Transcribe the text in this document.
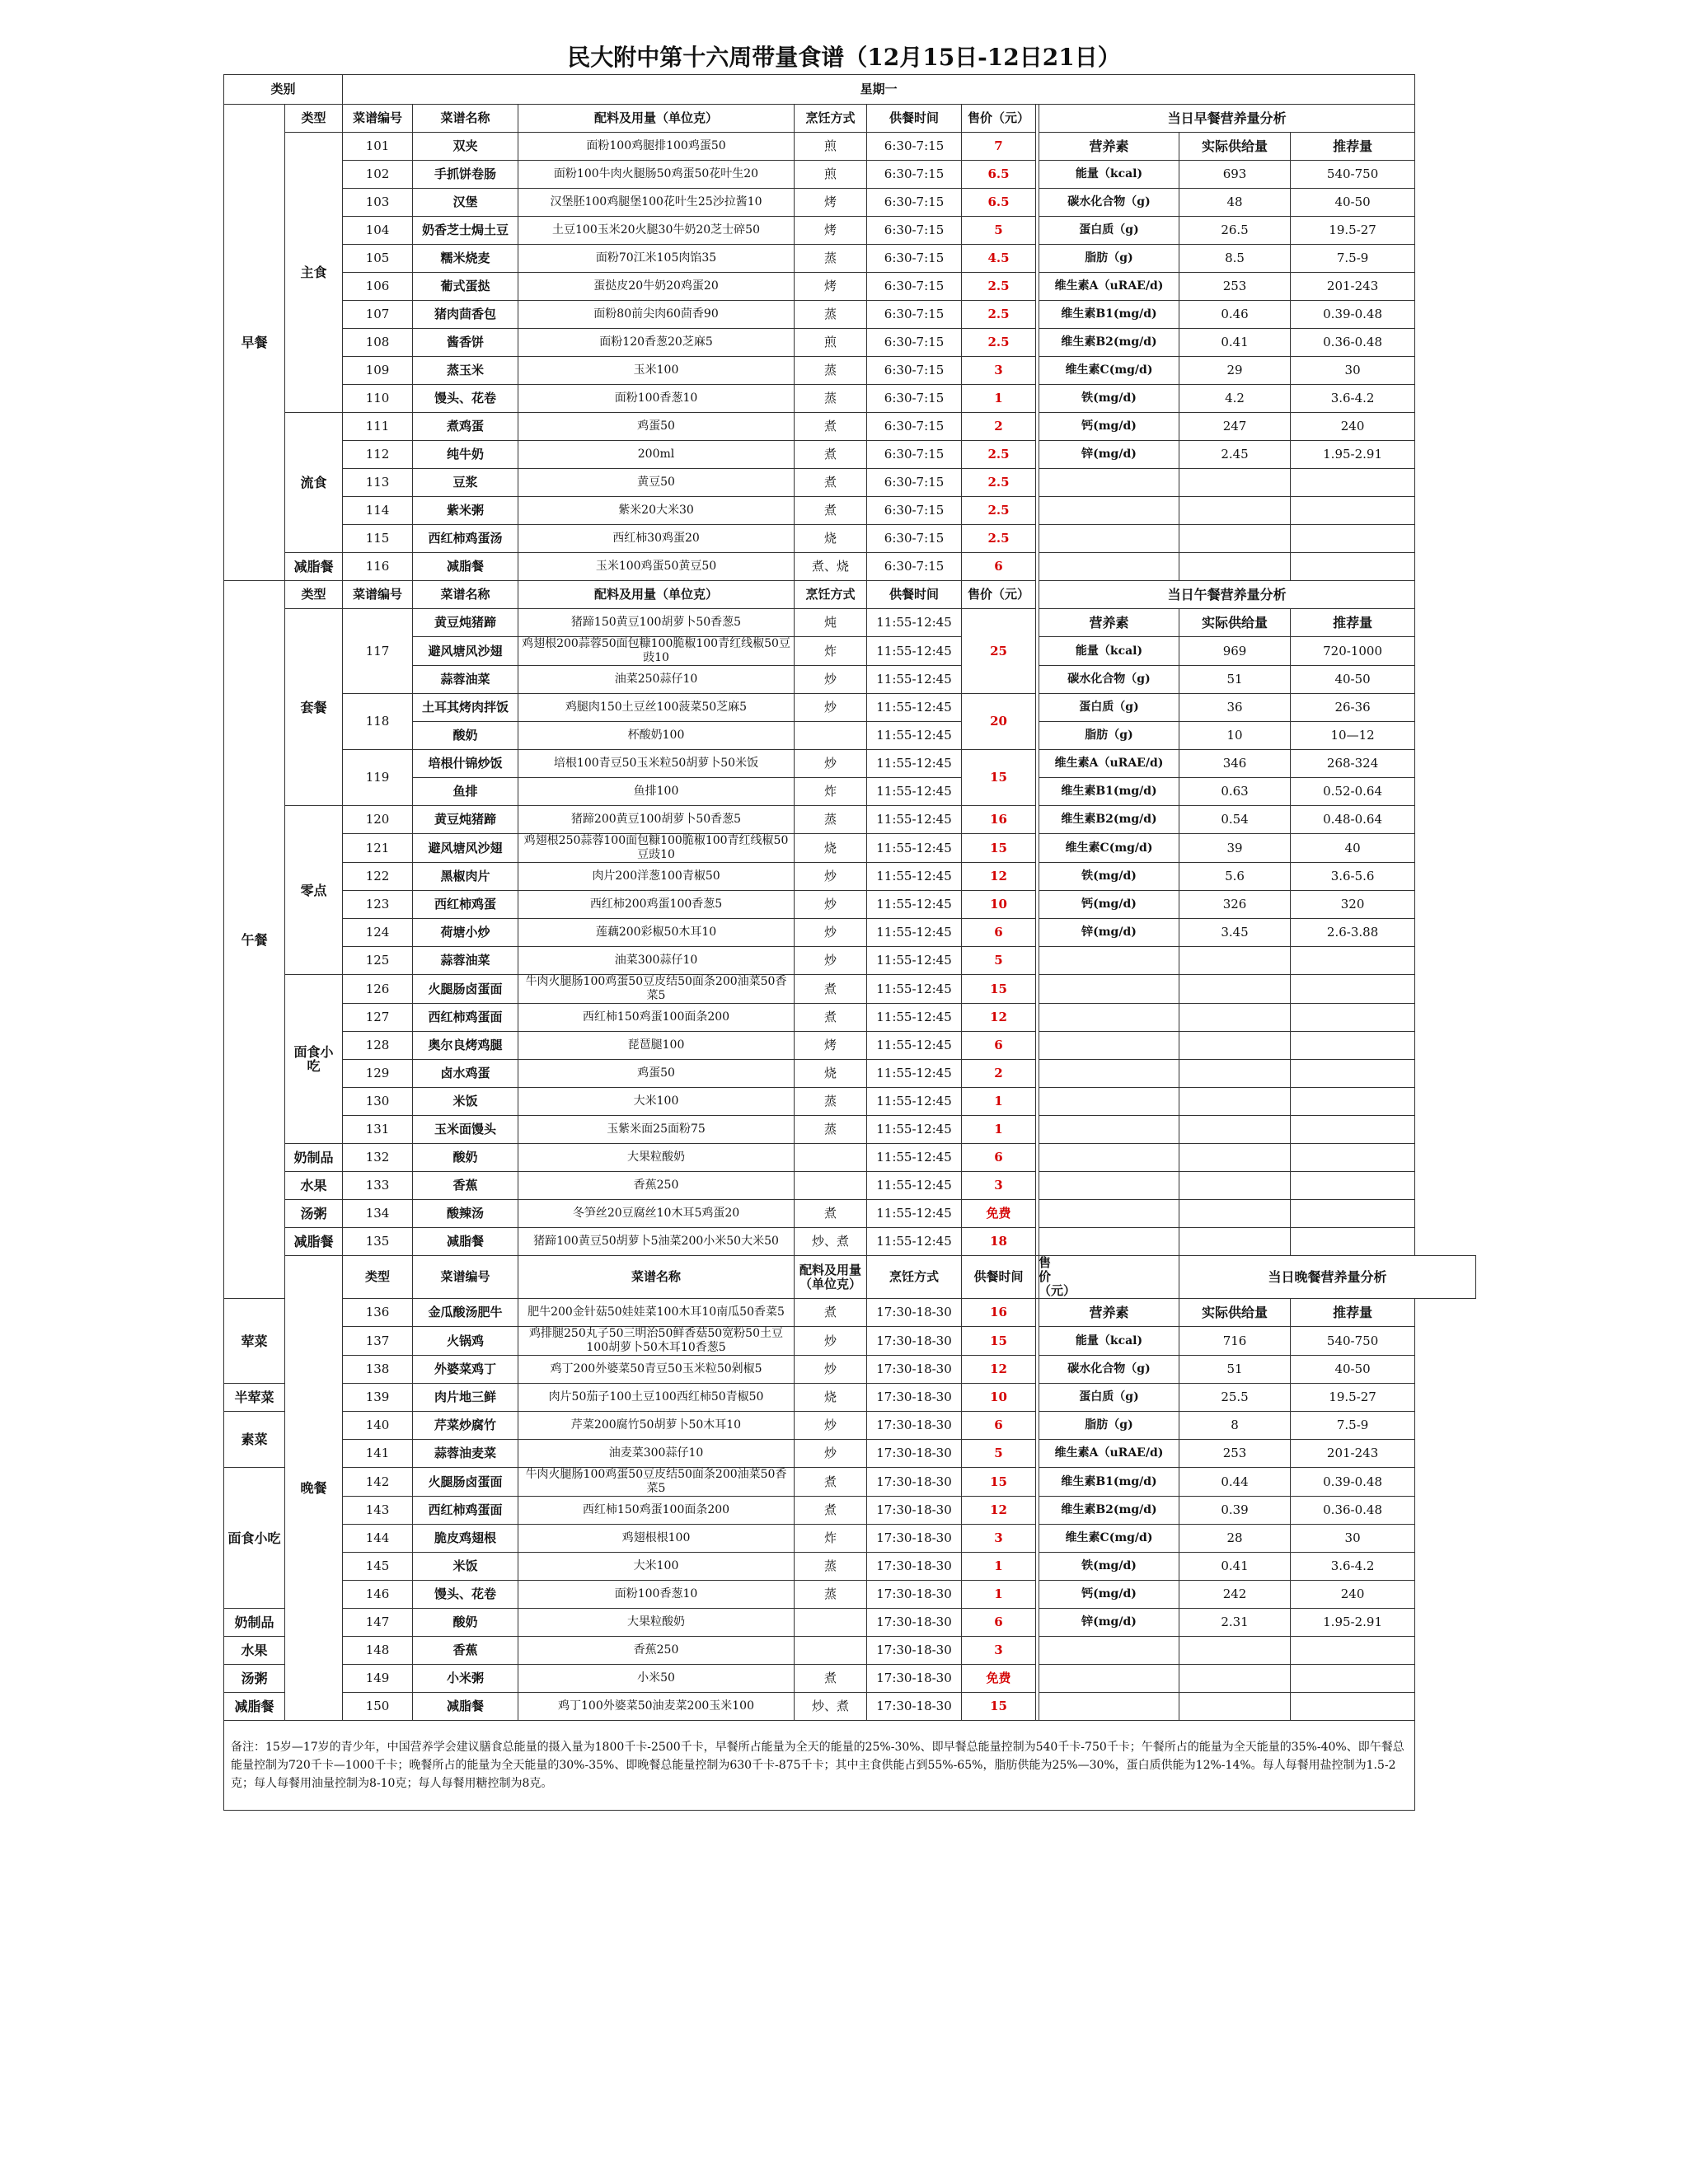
民大附中第十六周带量食谱（12月15日-12日21日）
类别		星期一									
早餐	类型	菜谱编号	菜谱名称	配料及用量（单位克）	烹饪方式	供餐时间	售价（元）		当日早餐营养量分析		
	主食	101	双夹	面粉100鸡腿排100鸡蛋50	煎	6:30-7:15	7		营养素	实际供给量	推荐量
		102	手抓饼卷肠	面粉100牛肉火腿肠50鸡蛋50花叶生20	煎	6:30-7:15	6.5		能量（kcal)	693	540-750
		103	汉堡	汉堡胚100鸡腿堡100花叶生25沙拉酱10	烤	6:30-7:15	6.5		碳水化合物（g)	48	40-50
		104	奶香芝士焗土豆	土豆100玉米20火腿30牛奶20芝士碎50	烤	6:30-7:15	5		蛋白质（g)	26.5	19.5-27
		105	糯米烧麦	面粉70江米105肉馅35	蒸	6:30-7:15	4.5		脂肪（g)	8.5	7.5-9
		106	葡式蛋挞	蛋挞皮20牛奶20鸡蛋20	烤	6:30-7:15	2.5		维生素A（uRAE/d)	253	201-243
		107	猪肉茴香包	面粉80前尖肉60茴香90	蒸	6:30-7:15	2.5		维生素B1(mg/d)	0.46	0.39-0.48
		108	酱香饼	面粉120香葱20芝麻5	煎	6:30-7:15	2.5		维生素B2(mg/d)	0.41	0.36-0.48
		109	蒸玉米	玉米100	蒸	6:30-7:15	3		维生素C(mg/d)	29	30
		110	馒头、花卷	面粉100香葱10	蒸	6:30-7:15	1		铁(mg/d)	4.2	3.6-4.2
	流食	111	煮鸡蛋	鸡蛋50	煮	6:30-7:15	2		钙(mg/d)	247	240
		112	纯牛奶	200ml	煮	6:30-7:15	2.5		锌(mg/d)	2.45	1.95-2.91
		113	豆浆	黄豆50	煮	6:30-7:15	2.5				
		114	紫米粥	紫米20大米30	煮	6:30-7:15	2.5				
		115	西红柿鸡蛋汤	西红柿30鸡蛋20	烧	6:30-7:15	2.5				
	减脂餐	116	减脂餐	玉米100鸡蛋50黄豆50	煮、烧	6:30-7:15	6				
午餐	类型	菜谱编号	菜谱名称	配料及用量（单位克）	烹饪方式	供餐时间	售价（元）		当日午餐营养量分析		
	套餐	117	黄豆炖猪蹄	猪蹄150黄豆100胡萝卜50香葱5	炖	11:55-12:45	25		营养素	实际供给量	推荐量
			避风塘风沙翅	鸡翅根200蒜蓉50面包糠100脆椒100青红线椒50豆豉10	炸	11:55-12:45			能量（kcal)	969	720-1000
			蒜蓉油菜	油菜250蒜仔10	炒	11:55-12:45			碳水化合物（g)	51	40-50
		118	土耳其烤肉拌饭	鸡腿肉150土豆丝100菠菜50芝麻5	炒	11:55-12:45	20		蛋白质（g)	36	26-36
			酸奶	杯酸奶100		11:55-12:45			脂肪（g)	10	10—12
		119	培根什锦炒饭	培根100青豆50玉米粒50胡萝卜50米饭	炒	11:55-12:45	15		维生素A（uRAE/d)	346	268-324
			鱼排	鱼排100	炸	11:55-12:45			维生素B1(mg/d)	0.63	0.52-0.64
	零点	120	黄豆炖猪蹄	猪蹄200黄豆100胡萝卜50香葱5	蒸	11:55-12:45	16		维生素B2(mg/d)	0.54	0.48-0.64
		121	避风塘风沙翅	鸡翅根250蒜蓉100面包糠100脆椒100青红线椒50豆豉10	烧	11:55-12:45	15		维生素C(mg/d)	39	40
		122	黑椒肉片	肉片200洋葱100青椒50	炒	11:55-12:45	12		铁(mg/d)	5.6	3.6-5.6
		123	西红柿鸡蛋	西红柿200鸡蛋100香葱5	炒	11:55-12:45	10		钙(mg/d)	326	320
		124	荷塘小炒	莲藕200彩椒50木耳10	炒	11:55-12:45	6		锌(mg/d)	3.45	2.6-3.88
		125	蒜蓉油菜	油菜300蒜仔10	炒	11:55-12:45	5				
	面食小吃	126	火腿肠卤蛋面	牛肉火腿肠100鸡蛋50豆皮结50面条200油菜50香菜5	煮	11:55-12:45	15				
		127	西红柿鸡蛋面	西红柿150鸡蛋100面条200	煮	11:55-12:45	12				
		128	奥尔良烤鸡腿	琵琶腿100	烤	11:55-12:45	6				
		129	卤水鸡蛋	鸡蛋50	烧	11:55-12:45	2				
		130	米饭	大米100	蒸	11:55-12:45	1				
		131	玉米面馒头	玉紫米面25面粉75	蒸	11:55-12:45	1				
	奶制品	132	酸奶	大果粒酸奶		11:55-12:45	6				
	水果	133	香蕉	香蕉250		11:55-12:45	3				
	汤粥	134	酸辣汤	冬笋丝20豆腐丝10木耳5鸡蛋20	煮	11:55-12:45	免费				
	减脂餐	135	减脂餐	猪蹄100黄豆50胡萝卜5油菜200小米50大米50	炒、煮	11:55-12:45	18				
	晚餐	类型	菜谱编号	菜谱名称	配料及用量（单位克）	烹饪方式	供餐时间	售价（元）		当日晚餐营养量分析	
荤菜		136	金瓜酸汤肥牛	肥牛200金针菇50娃娃菜100木耳10南瓜50香菜5	煮	17:30-18-30	16		营养素	实际供给量	推荐量
		137	火锅鸡	鸡排腿250丸子50三明治50鲜香菇50宽粉50土豆100胡萝卜50木耳10香葱5	炒	17:30-18-30	15		能量（kcal)	716	540-750
		138	外婆菜鸡丁	鸡丁200外婆菜50青豆50玉米粒50剁椒5	炒	17:30-18-30	12		碳水化合物（g)	51	40-50
半荤菜		139	肉片地三鲜	肉片50茄子100土豆100西红柿50青椒50	烧	17:30-18-30	10		蛋白质（g)	25.5	19.5-27
素菜		140	芹菜炒腐竹	芹菜200腐竹50胡萝卜50木耳10	炒	17:30-18-30	6		脂肪（g)	8	7.5-9
		141	蒜蓉油麦菜	油麦菜300蒜仔10	炒	17:30-18-30	5		维生素A（uRAE/d)	253	201-243
面食小吃		142	火腿肠卤蛋面	牛肉火腿肠100鸡蛋50豆皮结50面条200油菜50香菜5	煮	17:30-18-30	15		维生素B1(mg/d)	0.44	0.39-0.48
		143	西红柿鸡蛋面	西红柿150鸡蛋100面条200	煮	17:30-18-30	12		维生素B2(mg/d)	0.39	0.36-0.48
		144	脆皮鸡翅根	鸡翅根根100	炸	17:30-18-30	3		维生素C(mg/d)	28	30
		145	米饭	大米100	蒸	17:30-18-30	1		铁(mg/d)	0.41	3.6-4.2
		146	馒头、花卷	面粉100香葱10	蒸	17:30-18-30	1		钙(mg/d)	242	240
奶制品		147	酸奶	大果粒酸奶		17:30-18-30	6		锌(mg/d)	2.31	1.95-2.91
水果		148	香蕉	香蕉250		17:30-18-30	3				
汤粥		149	小米粥	小米50	煮	17:30-18-30	免费				
减脂餐		150	减脂餐	鸡丁100外婆菜50油麦菜200玉米100	炒、煮	17:30-18-30	15				
备注：15岁—17岁的青少年，中国营养学会建议膳食总能量的摄入量为1800千卡-2500千卡，早餐所占能量为全天的能量的25%-30%、即早餐总能量控制为540千卡-750千卡；午餐所占的能量为全天能量的35%-40%、即午餐总能量控制为720千卡—1000千卡；晚餐所占的能量为全天能量的30%-35%、即晚餐总能量控制为630千卡-875千卡；其中主食供能占到55%-65%，脂肪供能为25%—30%，蛋白质供能为12%-14%。每人每餐用盐控制为1.5-2克；每人每餐用油量控制为8-10克；每人每餐用糖控制为8克。											
